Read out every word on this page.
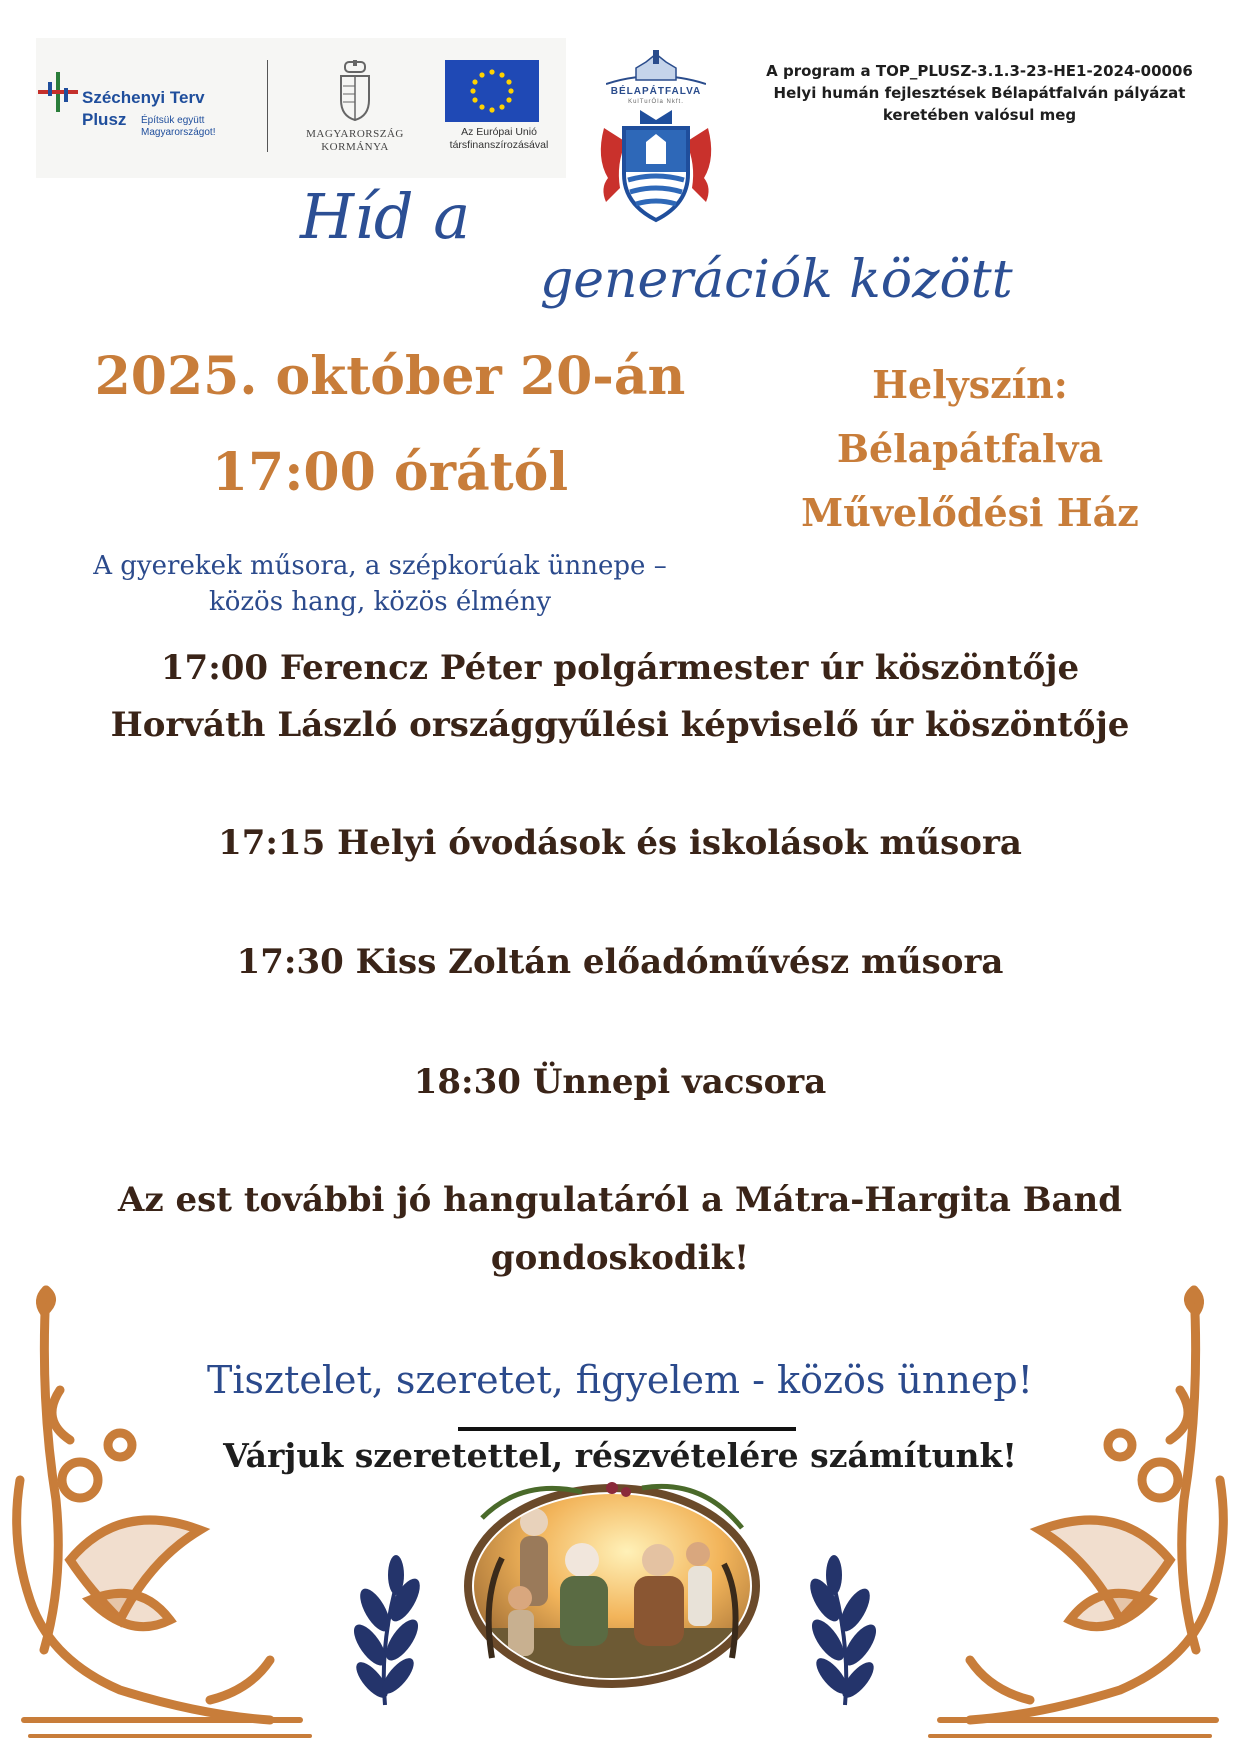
Széchenyi Terv
Plusz Építsük együtt Magyarországot!	MAGYARORSZÁG
KORMÁNYA
Az Európai Unió
társfinanszírozásával
BÉLAPÁTFALVA
KulTurÓla Nkft.
A program a TOP_PLUSZ-3.1.3-23-HE1-2024-00006 Helyi humán fejlesztések Bélapátfalván pályázat keretében valósul meg
Híd a
generációk között
2025. október 20-án
17:00 órától
Helyszín:
Bélapátfalva
Művelődési Ház
A gyerekek műsora, a szépkorúak ünnepe –
közös hang, közös élmény
17:00 Ferencz Péter polgármester úr köszöntője
Horváth László országgyűlési képviselő úr köszöntője
17:15 Helyi óvodások és iskolások műsora
17:30 Kiss Zoltán előadóművész műsora
18:30 Ünnepi vacsora
Az est további jó hangulatáról a Mátra-Hargita Band
gondoskodik!
Tisztelet, szeretet, figyelem - közös ünnep!
Várjuk szeretettel, részvételére számítunk!
